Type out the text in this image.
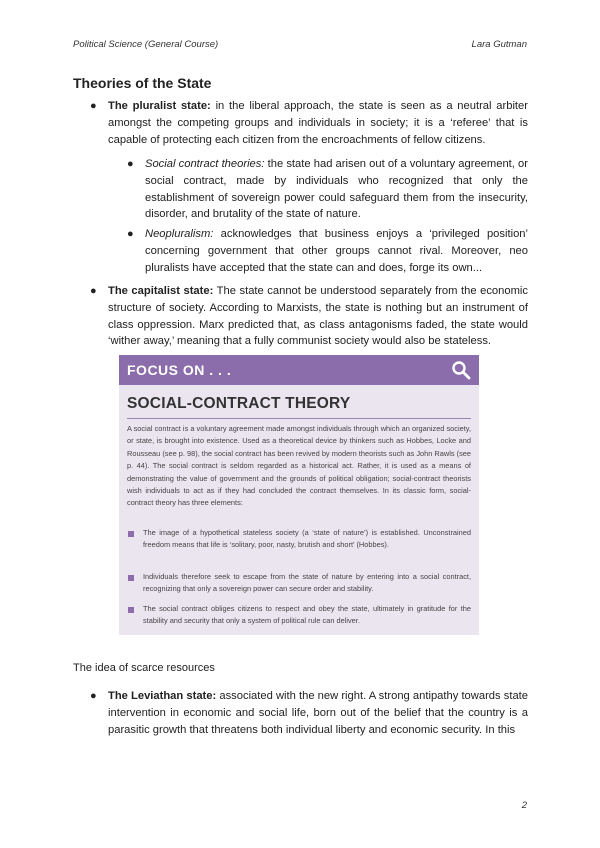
Political Science (General Course)	Lara Gutman
Theories of the State
● The pluralist state: in the liberal approach, the state is seen as a neutral arbiter amongst the competing groups and individuals in society; it is a ‘referee’ that is capable of protecting each citizen from the encroachments of fellow citizens.
● Social contract theories: the state had arisen out of a voluntary agreement, or social contract, made by individuals who recognized that only the establishment of sovereign power could safeguard them from the insecurity, disorder, and brutality of the state of nature.
● Neopluralism: acknowledges that business enjoys a ‘privileged position’ concerning government that other groups cannot rival. Moreover, neo pluralists have accepted that the state can and does, forge its own...
● The capitalist state: The state cannot be understood separately from the economic structure of society. According to Marxists, the state is nothing but an instrument of class oppression. Marx predicted that, as class antagonisms faded, the state would ‘wither away,’ meaning that a fully communist society would also be stateless.
FOCUS ON . . .
SOCIAL-CONTRACT THEORY
A social contract is a voluntary agreement made amongst individuals through which an organized society, or state, is brought into existence. Used as a theoretical device by thinkers such as Hobbes, Locke and Rousseau (see p. 98), the social contract has been revived by modern theorists such as John Rawls (see p. 44). The social contract is seldom regarded as a historical act. Rather, it is used as a means of demonstrating the value of government and the grounds of political obligation; social-contract theorists wish individuals to act as if they had concluded the contract themselves. In its classic form, social-contract theory has three elements:
The image of a hypothetical stateless society (a ‘state of nature’) is established. Unconstrained freedom means that life is ‘solitary, poor, nasty, brutish and short’ (Hobbes).
Individuals therefore seek to escape from the state of nature by entering into a social contract, recognizing that only a sovereign power can secure order and stability.
The social contract obliges citizens to respect and obey the state, ultimately in gratitude for the stability and security that only a system of political rule can deliver.
The idea of scarce resources
● The Leviathan state: associated with the new right. A strong antipathy towards state intervention in economic and social life, born out of the belief that the country is a parasitic growth that threatens both individual liberty and economic security. In this
2
